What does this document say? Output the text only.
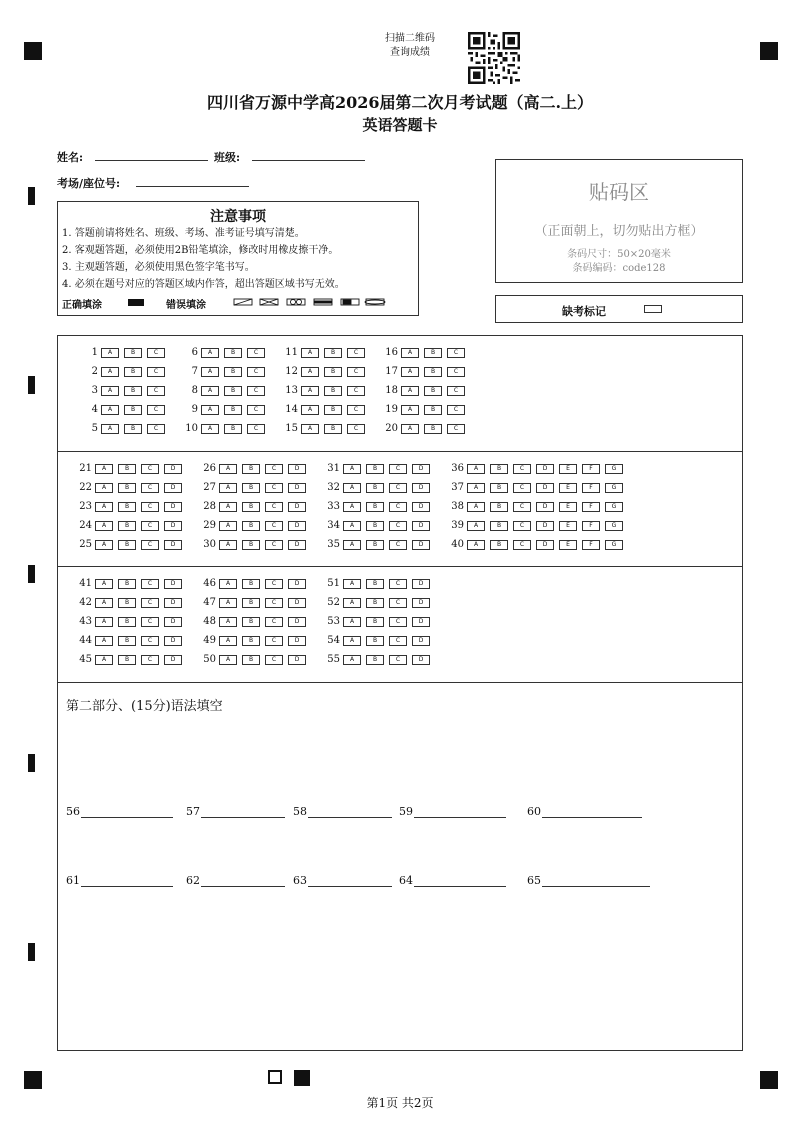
扫描二维码
查询成绩
四川省万源中学高2026届第二次月考试题（高二.上）
英语答题卡
姓名:	班级:
考场/座位号:
注意事项
1. 答题前请将姓名、班级、考场、准考证号填写清楚。
2. 客观题答题，必须使用2B铅笔填涂，修改时用橡皮擦干净。
3. 主观题答题，必须使用黑色签字笔书写。
4. 必须在题号对应的答题区域内作答，超出答题区域书写无效。
正确填涂	错误填涂
贴码区
（正面朝上，切勿贴出方框）
条码尺寸：50×20毫米
条码编码：code128
缺考标记
1 A	B	C
2 A	B	C
3 A	B	C
4 A	B	C
5 A	B	C
6 A	B	C
7 A	B	C
8 A	B	C
9 A	B	C
10 A	B	C
11 A	B	C
12 A	B	C
13 A	B	C
14 A	B	C
15 A	B	C
16 A	B	C
17 A	B	C
18 A	B	C
19 A	B	C
20 A	B	C
21 A	B	C	D
22 A	B	C	D
23 A	B	C	D
24 A	B	C	D
25 A	B	C	D
26 A	B	C	D
27 A	B	C	D
28 A	B	C	D
29 A	B	C	D
30 A	B	C	D
31 A	B	C	D
32 A	B	C	D
33 A	B	C	D
34 A	B	C	D
35 A	B	C	D
36 A	B	C	D	E	F	G
37 A	B	C	D	E	F	G
38 A	B	C	D	E	F	G
39 A	B	C	D	E	F	G
40 A	B	C	D	E	F	G
41 A	B	C	D
42 A	B	C	D
43 A	B	C	D
44 A	B	C	D
45 A	B	C	D
46 A	B	C	D
47 A	B	C	D
48 A	B	C	D
49 A	B	C	D
50 A	B	C	D
51 A	B	C	D
52 A	B	C	D
53 A	B	C	D
54 A	B	C	D
55 A	B	C	D
第二部分、(15分)语法填空
56	57	58	59	60
61	62	63	64	65
第1页 共2页
